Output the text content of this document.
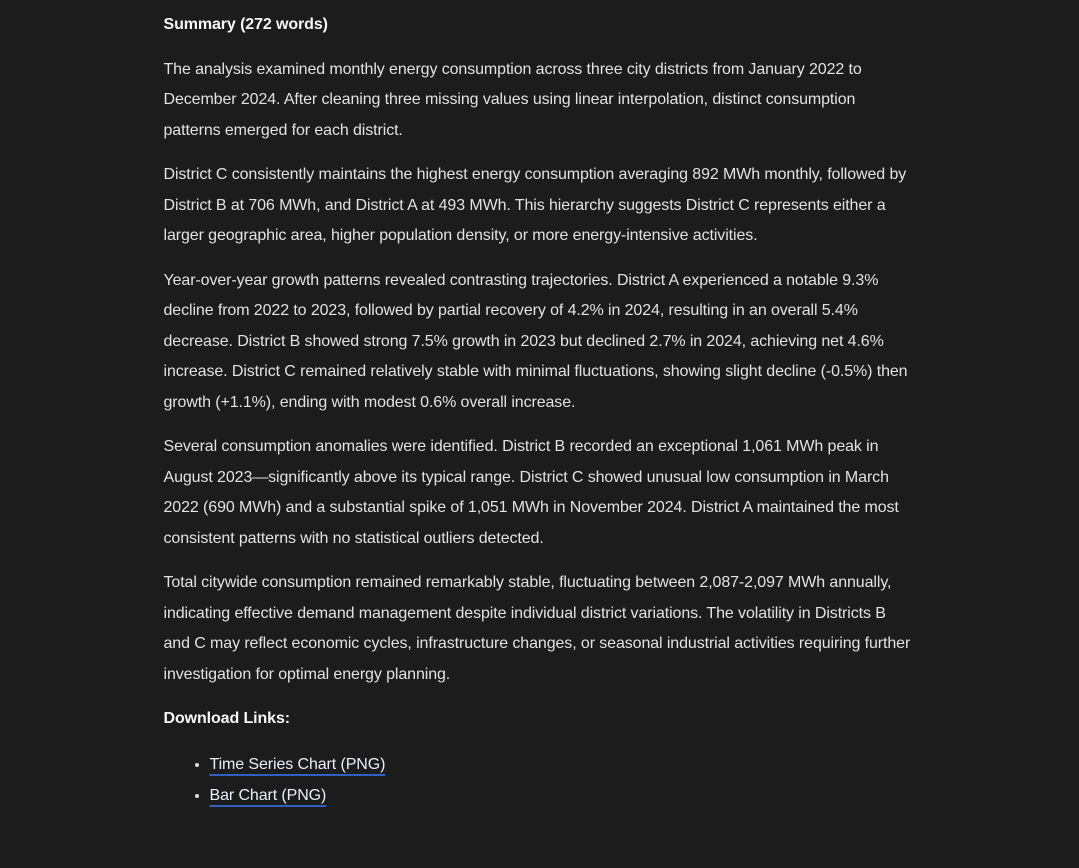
Summary (272 words)

The analysis examined monthly energy consumption across three city districts from January 2022 to December 2024. After cleaning three missing values using linear interpolation, distinct consumption patterns emerged for each district.

District C consistently maintains the highest energy consumption averaging 892 MWh monthly, followed by District B at 706 MWh, and District A at 493 MWh. This hierarchy suggests District C represents either a larger geographic area, higher population density, or more energy-intensive activities.

Year-over-year growth patterns revealed contrasting trajectories. District A experienced a notable 9.3% decline from 2022 to 2023, followed by partial recovery of 4.2% in 2024, resulting in an overall 5.4% decrease. District B showed strong 7.5% growth in 2023 but declined 2.7% in 2024, achieving net 4.6% increase. District C remained relatively stable with minimal fluctuations, showing slight decline (-0.5%) then growth (+1.1%), ending with modest 0.6% overall increase.

Several consumption anomalies were identified. District B recorded an exceptional 1,061 MWh peak in August 2023—significantly above its typical range. District C showed unusual low consumption in March 2022 (690 MWh) and a substantial spike of 1,051 MWh in November 2024. District A maintained the most consistent patterns with no statistical outliers detected.

Total citywide consumption remained remarkably stable, fluctuating between 2,087-2,097 MWh annually, indicating effective demand management despite individual district variations. The volatility in Districts B and C may reflect economic cycles, infrastructure changes, or seasonal industrial activities requiring further investigation for optimal energy planning.

Download Links:

• Time Series Chart (PNG)
• Bar Chart (PNG)
